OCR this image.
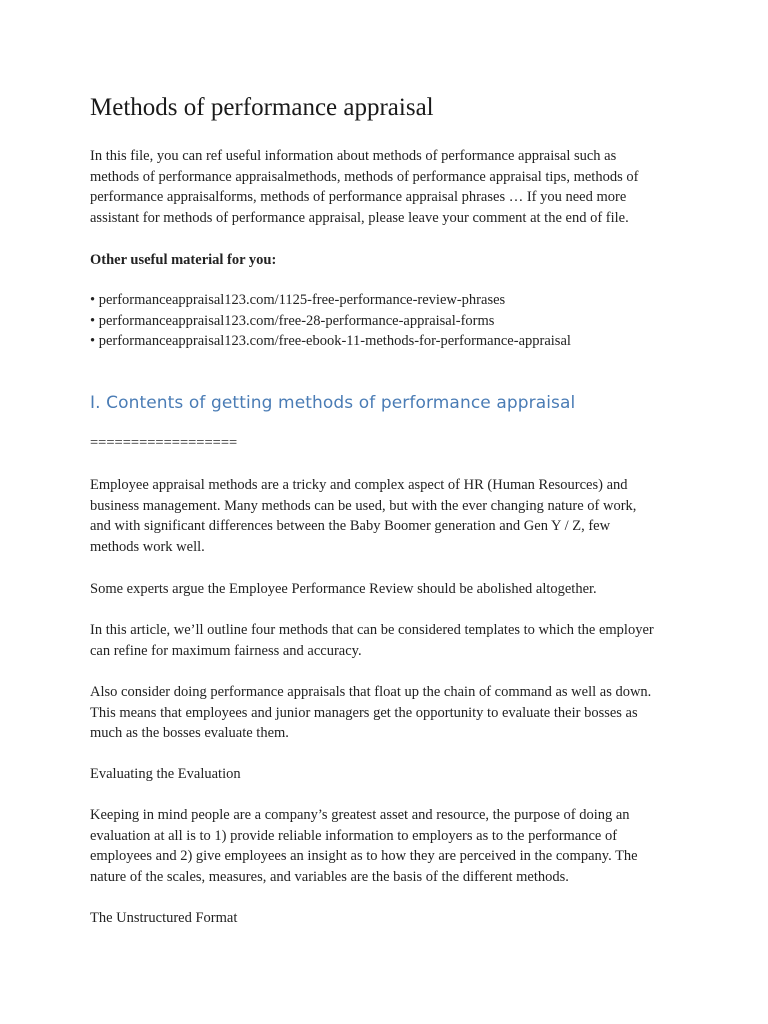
Methods of performance appraisal

In this file, you can ref useful information about methods of performance appraisal such as
methods of performance appraisalmethods, methods of performance appraisal tips, methods of
performance appraisalforms, methods of performance appraisal phrases … If you need more
assistant for methods of performance appraisal, please leave your comment at the end of file.

Other useful material for you:

• performanceappraisal123.com/1125-free-performance-review-phrases
• performanceappraisal123.com/free-28-performance-appraisal-forms
• performanceappraisal123.com/free-ebook-11-methods-for-performance-appraisal
I. Contents of getting methods of performance appraisal

==================

Employee appraisal methods are a tricky and complex aspect of HR (Human Resources) and
business management. Many methods can be used, but with the ever changing nature of work,
and with significant differences between the Baby Boomer generation and Gen Y / Z, few
methods work well.

Some experts argue the Employee Performance Review should be abolished altogether.

In this article, we’ll outline four methods that can be considered templates to which the employer
can refine for maximum fairness and accuracy.

Also consider doing performance appraisals that float up the chain of command as well as down.
This means that employees and junior managers get the opportunity to evaluate their bosses as
much as the bosses evaluate them.

Evaluating the Evaluation

Keeping in mind people are a company’s greatest asset and resource, the purpose of doing an
evaluation at all is to 1) provide reliable information to employers as to the performance of
employees and 2) give employees an insight as to how they are perceived in the company. The
nature of the scales, measures, and variables are the basis of the different methods.

The Unstructured Format
